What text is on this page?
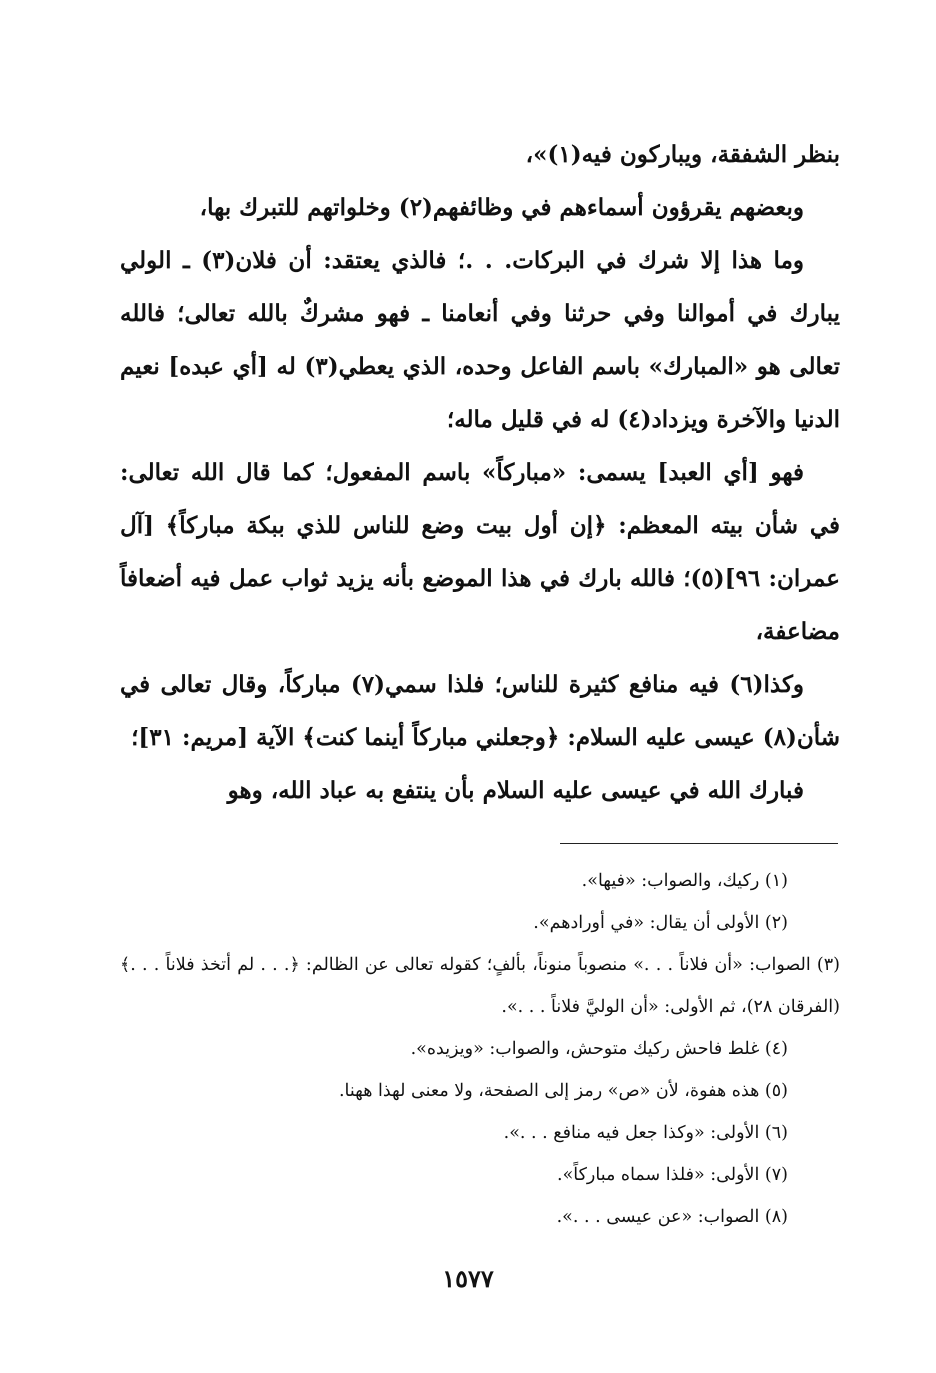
بنظر الشفقة، ويباركون فيه(١)»،

وبعضهم يقرؤون أسماءهم في وظائفهم(٢) وخلواتهم للتبرك بها،

وما هذا إلا شرك في البركات. . .؛ فالذي يعتقد: أن فلان(٣) ـ الولي يبارك في أموالنا وفي حرثنا وفي أنعامنا ـ فهو مشركٌ بالله تعالى؛ فالله تعالى هو «المبارك» باسم الفاعل وحده، الذي يعطي(٣) له [أي عبده] نعيم الدنيا والآخرة ويزداد(٤) له في قليل ماله؛

فهو [أي العبد] يسمى: «مباركاً» باسم المفعول؛ كما قال الله تعالى: في شأن بيته المعظم: ﴿إن أول بيت وضع للناس للذي ببكة مباركاً﴾ [آل عمران: ٩٦](٥)؛ فالله بارك في هذا الموضع بأنه يزيد ثواب عمل فيه أضعافاً مضاعفة،

وكذا(٦) فيه منافع كثيرة للناس؛ فلذا سمي(٧) مباركاً، وقال تعالى في شأن(٨) عيسى عليه السلام: ﴿وجعلني مباركاً أينما كنت﴾ الآية [مريم: ٣١]؛

فبارك الله في عيسى عليه السلام بأن ينتفع به عباد الله، وهو

(١) ركيك، والصواب: «فيها».

(٢) الأولى أن يقال: «في أورادهم».

(٣) الصواب: «أن فلاناً . . .» منصوباً منوناً، بألفٍ؛ كقوله تعالى عن الظالم: ﴿. . . لم أتخذ فلاناً . . .﴾ (الفرقان ٢٨)، ثم الأولى: «أن الوليَّ فلاناً . . .».

(٤) غلط فاحش ركيك متوحش، والصواب: «ويزيده».

(٥) هذه هفوة، لأن «ص» رمز إلى الصفحة، ولا معنى لهذا ههنا.

(٦) الأولى: «وكذا جعل فيه منافع . . .».

(٧) الأولى: «فلذا سماه مباركاً».

(٨) الصواب: «عن عيسى . . .».

١٥٧٧
